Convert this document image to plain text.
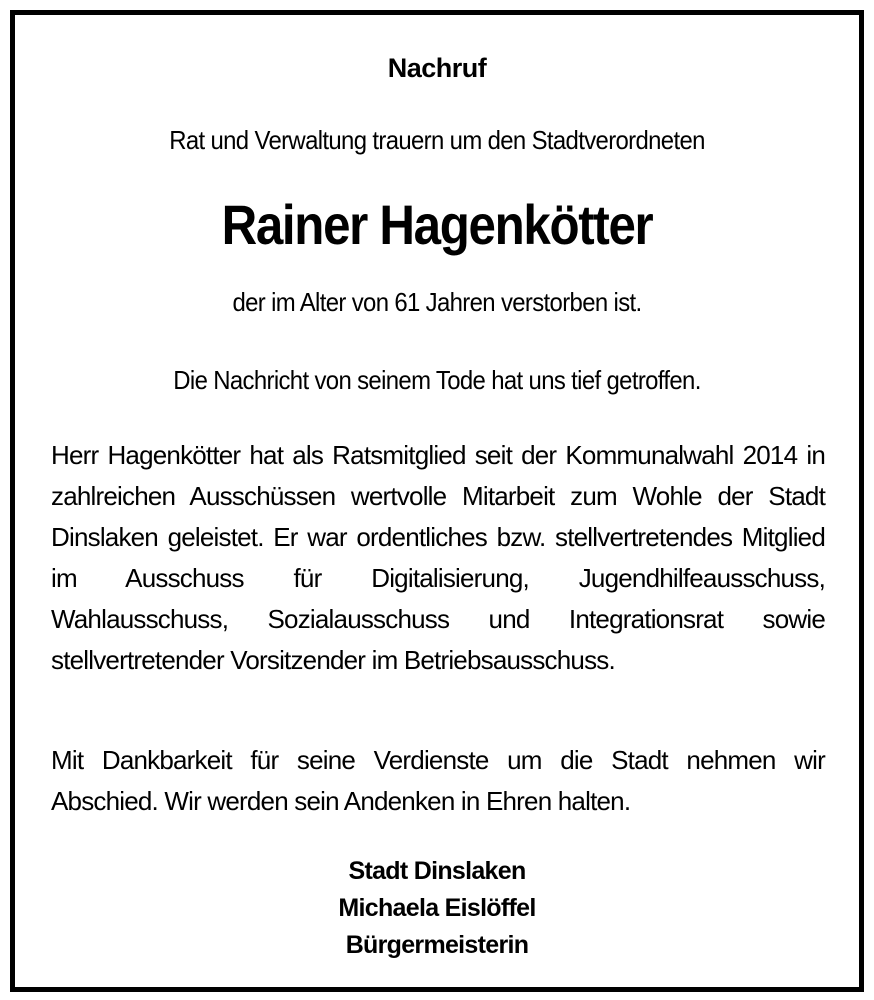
Nachruf
Rat und Verwaltung trauern um den Stadtverordneten
Rainer Hagenkötter
der im Alter von 61 Jahren verstorben ist.
Die Nachricht von seinem Tode hat uns tief getroffen.
Herr Hagenkötter hat als Ratsmitglied seit der Kommunalwahl 2014 in zahlreichen Ausschüssen wertvolle Mitarbeit zum Wohle der Stadt Dinslaken geleistet. Er war ordentliches bzw. stellvertretendes Mitglied im Ausschuss für Digitalisierung, Jugendhilfeausschuss, Wahlausschuss, Sozialausschuss und Integrationsrat sowie stellvertretender Vorsitzender im Betriebsausschuss.
Mit Dankbarkeit für seine Verdienste um die Stadt nehmen wir Abschied. Wir werden sein Andenken in Ehren halten.
Stadt Dinslaken
Michaela Eislöffel
Bürgermeisterin
